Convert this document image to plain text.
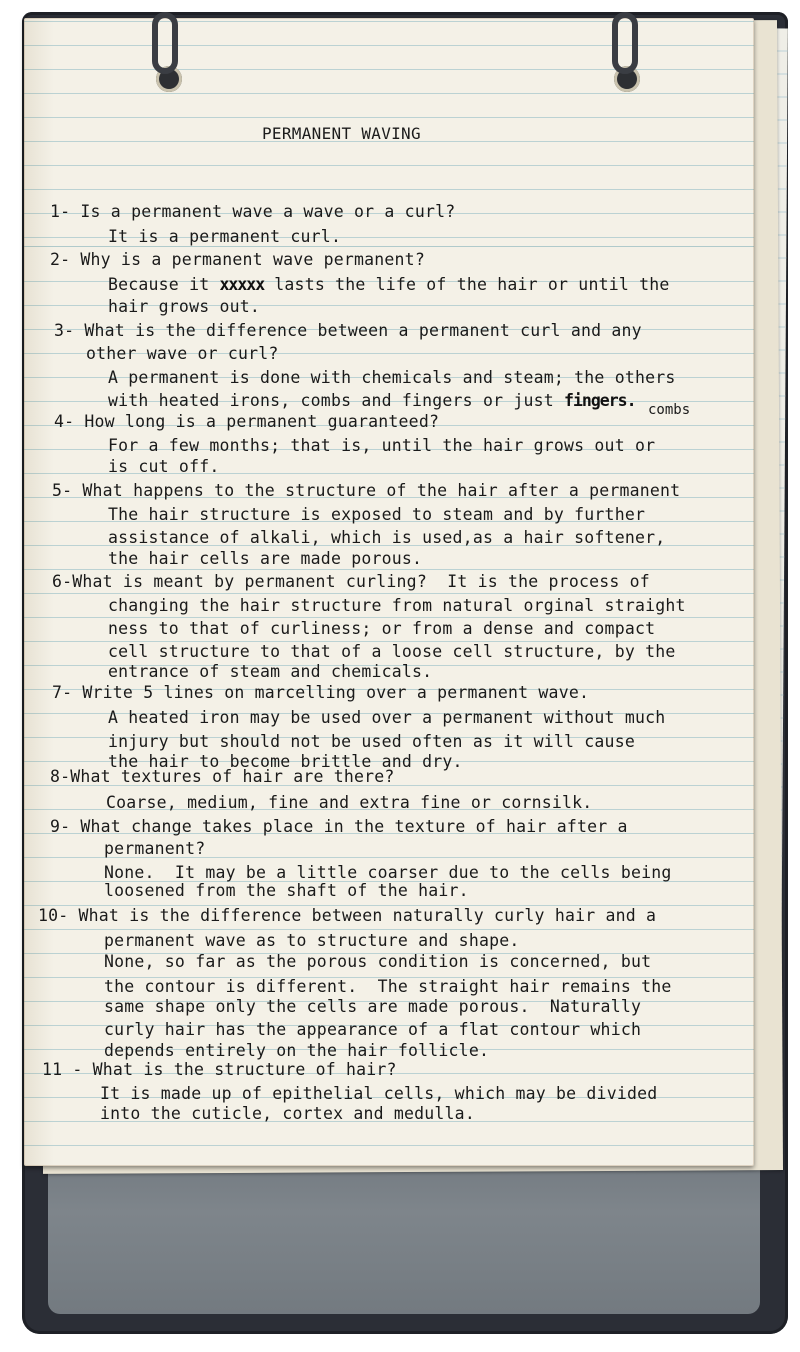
PERMANENT WAVING
1- Is a permanent wave a wave or a curl?
It is a permanent curl.
2- Why is a permanent wave permanent?
Because it xxxxx lasts the life of the hair or until the
hair grows out.
3- What is the difference between a permanent curl and any
other wave or curl?
A permanent is done with chemicals and steam; the others
with heated irons, combs and fingers or just fingers. combs
4- How long is a permanent guaranteed?
For a few months; that is, until the hair grows out or
is cut off.
5- What happens to the structure of the hair after a permanent
The hair structure is exposed to steam and by further
assistance of alkali, which is used,as a hair softener,
the hair cells are made porous.
6-What is meant by permanent curling?  It is the process of
changing the hair structure from natural orginal straight
ness to that of curliness; or from a dense and compact
cell structure to that of a loose cell structure, by the
entrance of steam and chemicals.
7- Write 5 lines on marcelling over a permanent wave.
A heated iron may be used over a permanent without much
injury but should not be used often as it will cause
the hair to become brittle and dry.
8-What textures of hair are there?
Coarse, medium, fine and extra fine or cornsilk.
9- What change takes place in the texture of hair after a
permanent?
None.  It may be a little coarser due to the cells being
loosened from the shaft of the hair.
10- What is the difference between naturally curly hair and a
permanent wave as to structure and shape.
None, so far as the porous condition is concerned, but
the contour is different.  The straight hair remains the
same shape only the cells are made porous.  Naturally
curly hair has the appearance of a flat contour which
depends entirely on the hair follicle.
11 - What is the structure of hair?
It is made up of epithelial cells, which may be divided
into the cuticle, cortex and medulla.
